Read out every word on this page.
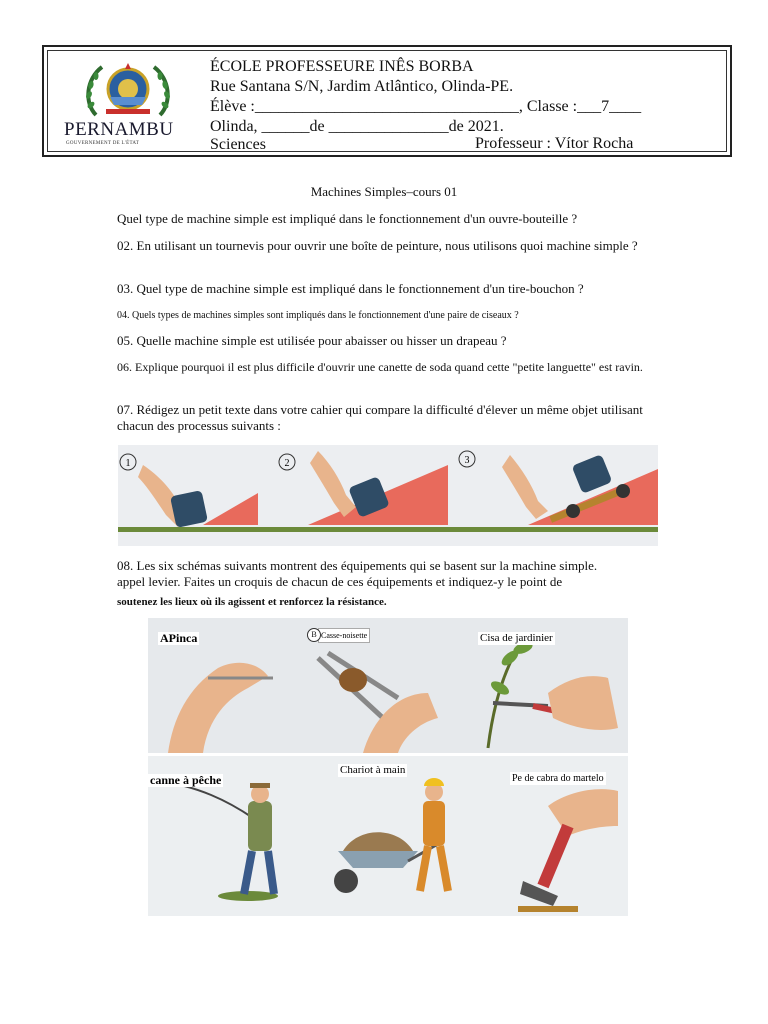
PERNAMBU
GOUVERNEMENT DE L'ÉTAT
ÉCOLE PROFESSEURE INÊS BORBA
Rue Santana S/N, Jardim Atlântico, Olinda-PE.
Élève :_________________________________, Classe :___7____
Olinda, ______de _______________de 2021.
Sciences	Professeur : Vítor Rocha
Machines Simples–cours 01
Quel type de machine simple est impliqué dans le fonctionnement d'un ouvre-bouteille ?
02. En utilisant un tournevis pour ouvrir une boîte de peinture, nous utilisons quoi machine simple ?
03. Quel type de machine simple est impliqué dans le fonctionnement d'un tire-bouchon ?
04. Quels types de machines simples sont impliqués dans le fonctionnement d'une paire de ciseaux ?
05. Quelle machine simple est utilisée pour abaisser ou hisser un drapeau ?
06. Explique pourquoi il est plus difficile d'ouvrir une canette de soda quand cette "petite languette" est ravin.
07. Rédigez un petit texte dans votre cahier qui compare la difficulté d'élever un même objet utilisant chacun des processus suivants :
1	2	3
08. Les six schémas suivants montrent des équipements qui se basent sur la machine simple. appel levier. Faites un croquis de chacun de ces équipements et indiquez-y le point de
soutenez les lieux où ils agissent et renforcez la résistance.
APinca	Casse-noisette
B	Cisa de jardinier
canne à pêche
Chariot à main
Pe de cabra do martelo
